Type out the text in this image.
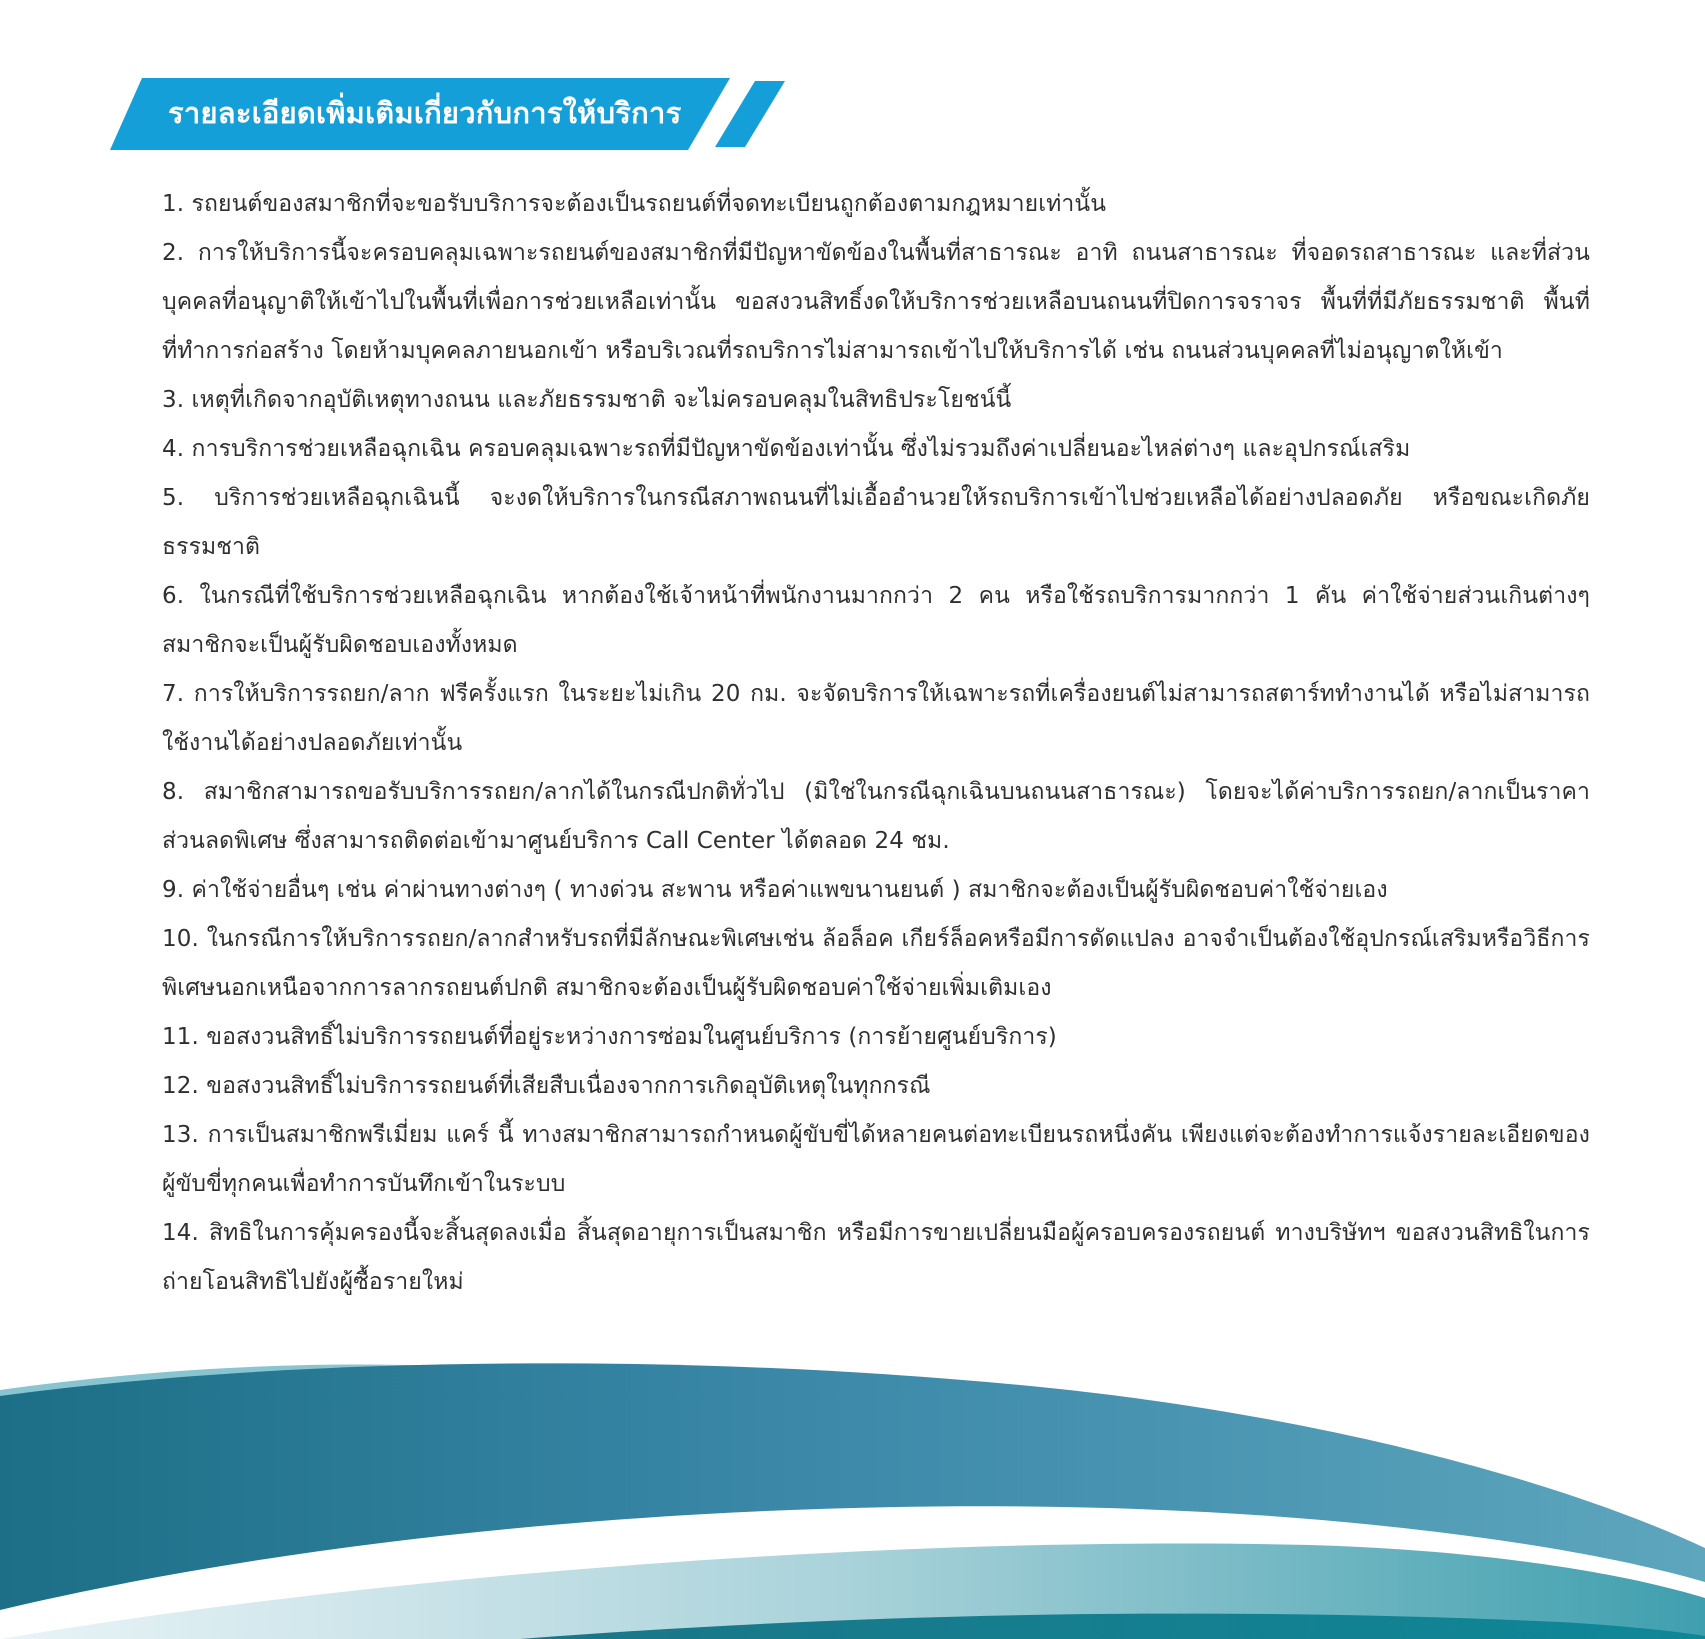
รายละเอียดเพิ่มเติมเกี่ยวกับการให้บริการ
1. รถยนต์ของสมาชิกที่จะขอรับบริการจะต้องเป็นรถยนต์ที่จดทะเบียนถูกต้องตามกฎหมายเท่านั้น
2. การให้บริการนี้จะครอบคลุมเฉพาะรถยนต์ของสมาชิกที่มีปัญหาขัดข้องในพื้นที่สาธารณะ อาทิ ถนนสาธารณะ ที่จอดรถสาธารณะ และที่ส่วนบุคคลที่อนุญาติให้เข้าไปในพื้นที่เพื่อการช่วยเหลือเท่านั้น ขอสงวนสิทธิ์งดให้บริการช่วยเหลือบนถนนที่ปิดการจราจร พื้นที่ที่มีภัยธรรมชาติ พื้นที่ที่ทำการก่อสร้าง โดยห้ามบุคคลภายนอกเข้า หรือบริเวณที่รถบริการไม่สามารถเข้าไปให้บริการได้ เช่น ถนนส่วนบุคคลที่ไม่อนุญาตให้เข้า
3. เหตุที่เกิดจากอุบัติเหตุทางถนน และภัยธรรมชาติ จะไม่ครอบคลุมในสิทธิประโยชน์นี้
4. การบริการช่วยเหลือฉุกเฉิน ครอบคลุมเฉพาะรถที่มีปัญหาขัดข้องเท่านั้น ซึ่งไม่รวมถึงค่าเปลี่ยนอะไหล่ต่างๆ และอุปกรณ์เสริม
5. บริการช่วยเหลือฉุกเฉินนี้ จะงดให้บริการในกรณีสภาพถนนที่ไม่เอื้ออำนวยให้รถบริการเข้าไปช่วยเหลือได้อย่างปลอดภัย หรือขณะเกิดภัยธรรมชาติ
6. ในกรณีที่ใช้บริการช่วยเหลือฉุกเฉิน หากต้องใช้เจ้าหน้าที่พนักงานมากกว่า 2 คน หรือใช้รถบริการมากกว่า 1 คัน ค่าใช้จ่ายส่วนเกินต่างๆ สมาชิกจะเป็นผู้รับผิดชอบเองทั้งหมด
7. การให้บริการรถยก/ลาก ฟรีครั้งแรก ในระยะไม่เกิน 20 กม. จะจัดบริการให้เฉพาะรถที่เครื่องยนต์ไม่สามารถสตาร์ททำงานได้ หรือไม่สามารถใช้งานได้อย่างปลอดภัยเท่านั้น
8. สมาชิกสามารถขอรับบริการรถยก/ลากได้ในกรณีปกติทั่วไป (มิใช่ในกรณีฉุกเฉินบนถนนสาธารณะ) โดยจะได้ค่าบริการรถยก/ลากเป็นราคาส่วนลดพิเศษ ซึ่งสามารถติดต่อเข้ามาศูนย์บริการ Call Center ได้ตลอด 24 ชม.
9. ค่าใช้จ่ายอื่นๆ เช่น ค่าผ่านทางต่างๆ ( ทางด่วน สะพาน หรือค่าแพขนานยนต์ ) สมาชิกจะต้องเป็นผู้รับผิดชอบค่าใช้จ่ายเอง
10. ในกรณีการให้บริการรถยก/ลากสำหรับรถที่มีลักษณะพิเศษเช่น ล้อล็อค เกียร์ล็อคหรือมีการดัดแปลง อาจจำเป็นต้องใช้อุปกรณ์เสริมหรือวิธีการพิเศษนอกเหนือจากการลากรถยนต์ปกติ สมาชิกจะต้องเป็นผู้รับผิดชอบค่าใช้จ่ายเพิ่มเติมเอง
11. ขอสงวนสิทธิ์ไม่บริการรถยนต์ที่อยู่ระหว่างการซ่อมในศูนย์บริการ (การย้ายศูนย์บริการ)
12. ขอสงวนสิทธิ์ไม่บริการรถยนต์ที่เสียสืบเนื่องจากการเกิดอุบัติเหตุในทุกกรณี
13. การเป็นสมาชิกพรีเมี่ยม แคร์ นี้ ทางสมาชิกสามารถกำหนดผู้ขับขี่ได้หลายคนต่อทะเบียนรถหนึ่งคัน เพียงแต่จะต้องทำการแจ้งรายละเอียดของผู้ขับขี่ทุกคนเพื่อทำการบันทึกเข้าในระบบ
14. สิทธิในการคุ้มครองนี้จะสิ้นสุดลงเมื่อ สิ้นสุดอายุการเป็นสมาชิก หรือมีการขายเปลี่ยนมือผู้ครอบครองรถยนต์ ทางบริษัทฯ ขอสงวนสิทธิในการถ่ายโอนสิทธิไปยังผู้ซื้อรายใหม่
